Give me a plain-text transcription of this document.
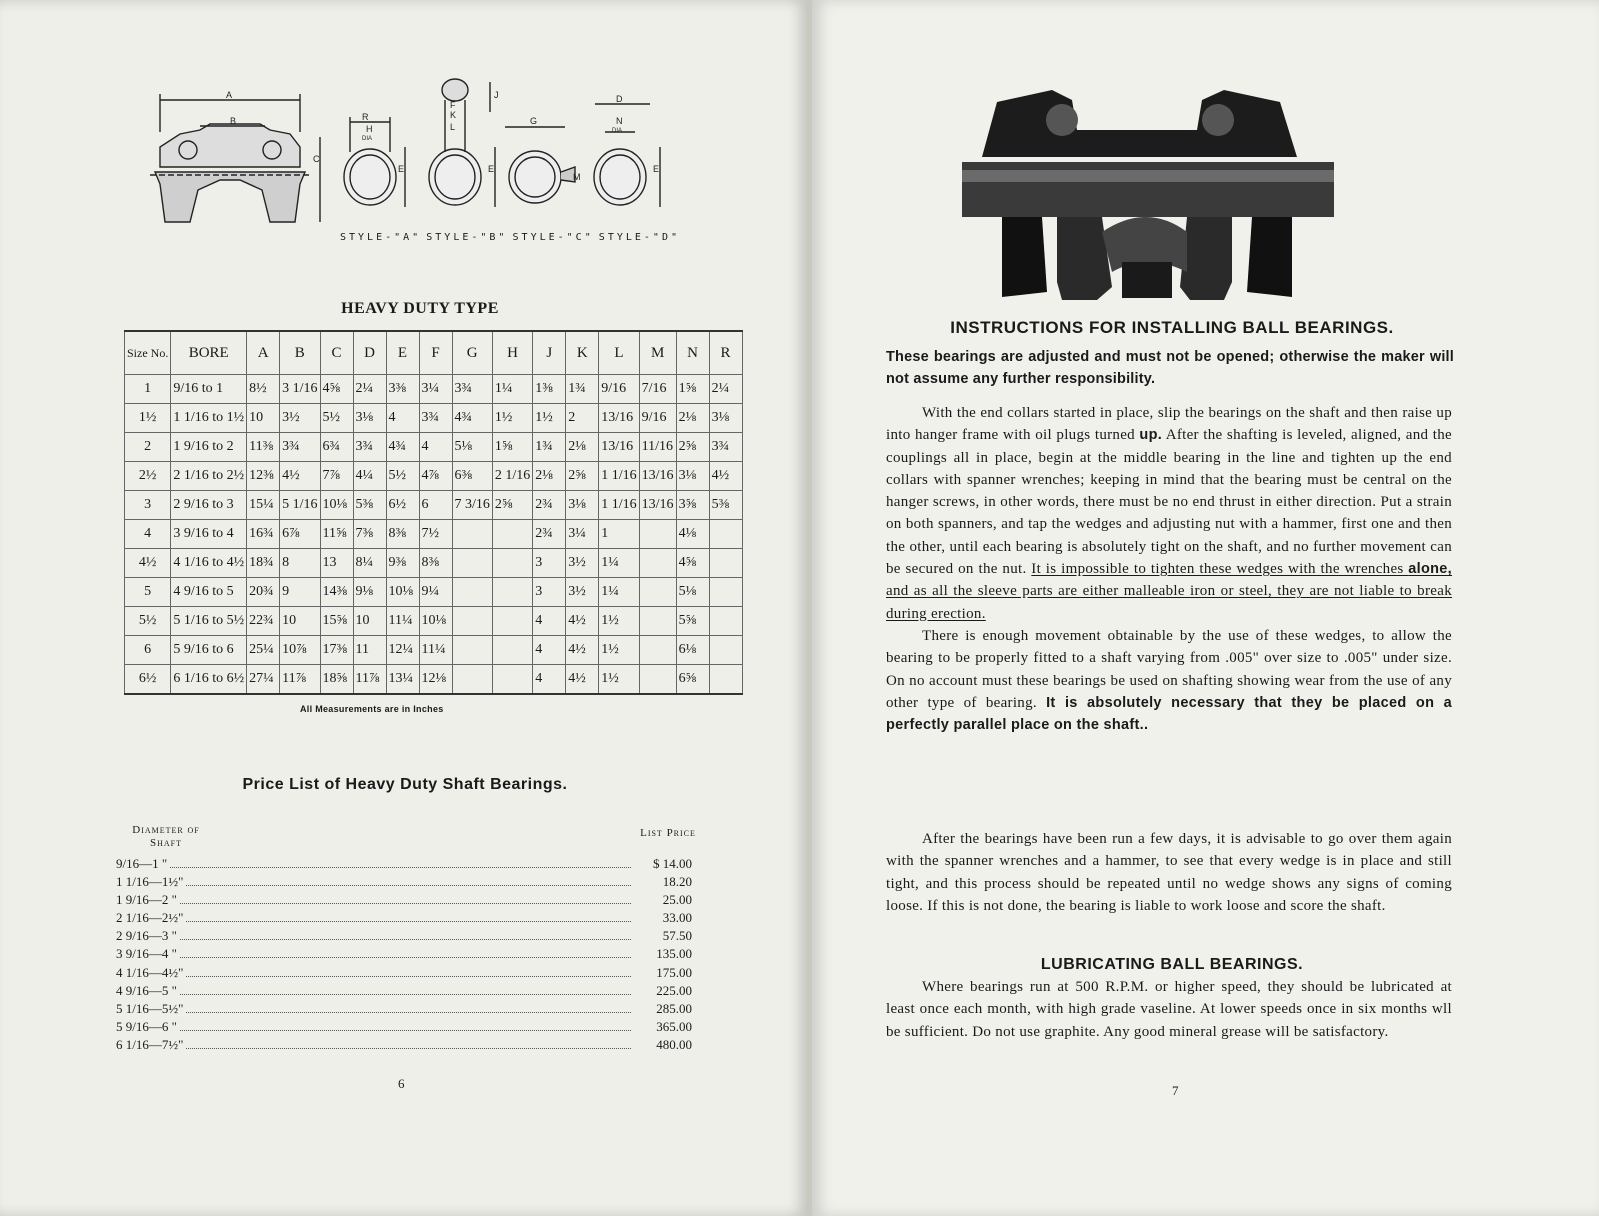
A
B
C
R
H
DIA
E
F
K
L
J
E
G
D
N
DIA
E
M
STYLE-"A" STYLE-"B" STYLE-"C" STYLE-"D"
HEAVY DUTY TYPE
Size No.	BORE	A	B	C	D	E	F	G	H	J	K	L	M	N	R
1	9/16 to 1	8½	3 1/16	4⅝	2¼	3⅜	3¼	3¾	1¼	1⅜	1¾	9/16	7/16	1⅝	2¼
1½	1 1/16 to 1½	10	3½	5½	3⅛	4	3¾	4¾	1½	1½	2	13/16	9/16	2⅛	3⅛
2	1 9/16 to 2	11⅜	3¾	6¾	3¾	4¾	4	5⅛	1⅝	1¾	2⅛	13/16	11/16	2⅝	3¾
2½	2 1/16 to 2½	12⅜	4½	7⅞	4¼	5½	4⅞	6⅜	2 1/16	2⅛	2⅝	1 1/16	13/16	3⅛	4½
3	2 9/16 to 3	15¼	5 1/16	10⅛	5⅜	6½	6	7 3/16	2⅝	2¾	3⅛	1 1/16	13/16	3⅝	5⅜
4	3 9/16 to 4	16¾	6⅞	11⅝	7⅜	8⅜	7½			2¾	3¼	1		4⅛	
4½	4 1/16 to 4½	18¾	8	13	8¼	9⅜	8⅜			3	3½	1¼		4⅝	
5	4 9/16 to 5	20¾	9	14⅜	9⅛	10⅛	9¼			3	3½	1¼		5⅛	
5½	5 1/16 to 5½	22¾	10	15⅝	10	11¼	10⅛			4	4½	1½		5⅝	
6	5 9/16 to 6	25¼	10⅞	17⅜	11	12¼	11¼			4	4½	1½		6⅛	
6½	6 1/16 to 6½	27¼	11⅞	18⅝	11⅞	13¼	12⅛			4	4½	1½		6⅝	
All Measurements are in Inches
Price List of Heavy Duty Shaft Bearings.
Diameter of Shaft
List Price
9/16—1 "	$ 14.00
1 1/16—1½"	18.20
1 9/16—2 "	25.00
2 1/16—2½"	33.00
2 9/16—3 "	57.50
3 9/16—4 "	135.00
4 1/16—4½"	175.00
4 9/16—5 "	225.00
5 1/16—5½"	285.00
5 9/16—6 "	365.00
6 1/16—7½"	480.00
6
INSTRUCTIONS FOR INSTALLING BALL BEARINGS.
These bearings are adjusted and must not be opened; otherwise the maker will not assume any further responsibility.

With the end collars started in place, slip the bearings on the shaft and then raise up into hanger frame with oil plugs turned up. After the shafting is leveled, aligned, and the couplings all in place, begin at the middle bearing in the line and tighten up the end collars with spanner wrenches; keeping in mind that the bearing must be central on the hanger screws, in other words, there must be no end thrust in either direction. Put a strain on both spanners, and tap the wedges and adjusting nut with a hammer, first one and then the other, until each bearing is absolutely tight on the shaft, and no further movement can be secured on the nut. It is impossible to tighten these wedges with the wrenches alone, and as all the sleeve parts are either malleable iron or steel, they are not liable to break during erection.

There is enough movement obtainable by the use of these wedges, to allow the bearing to be properly fitted to a shaft varying from .005" over size to .005" under size. On no account must these bearings be used on shafting showing wear from the use of any other type of bearing. It is absolutely necessary that they be placed on a perfectly parallel place on the shaft..

After the bearings have been run a few days, it is advisable to go over them again with the spanner wrenches and a hammer, to see that every wedge is in place and still tight, and this process should be repeated until no wedge shows any signs of coming loose. If this is not done, the bearing is liable to work loose and score the shaft.

LUBRICATING BALL BEARINGS.

Where bearings run at 500 R.P.M. or higher speed, they should be lubricated at least once each month, with high grade vaseline. At lower speeds once in six months wll be sufficient. Do not use graphite. Any good mineral grease will be satisfactory.

7
